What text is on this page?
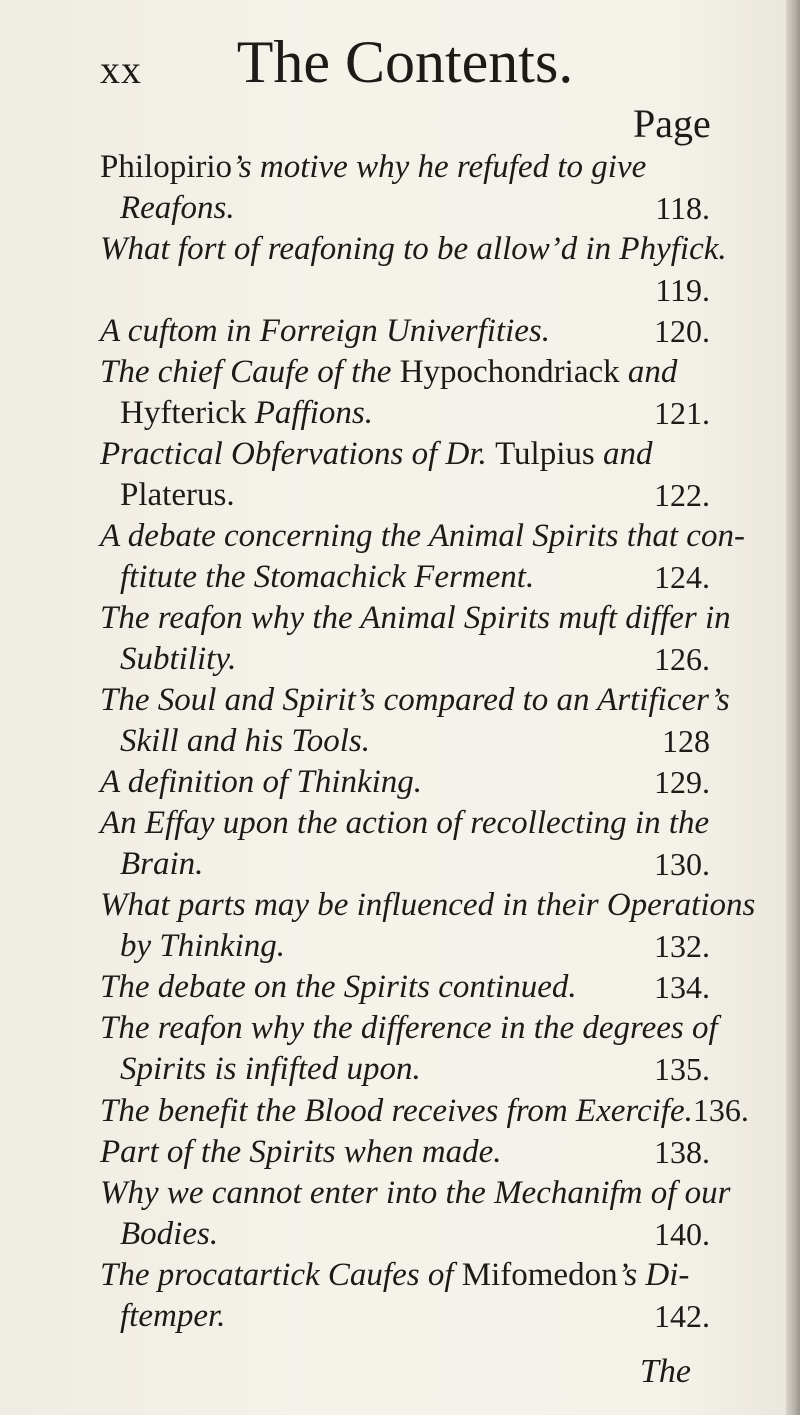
xx	The Contents.
Page
Philopirio’s motive why he refufed to give
Reafons.	118.
What fort of reafoning to be allow’d in Phyfick.
119.
A cuftom in Forreign Univerfities.	120.
The chief Caufe of the Hypochondriack and
Hyfterick Paffions.	121.
Practical Obfervations of Dr. Tulpius and
Platerus.	122.
A debate concerning the Animal Spirits that con-
ftitute the Stomachick Ferment.	124.
The reafon why the Animal Spirits muft differ in
Subtility.	126.
The Soul and Spirit’s compared to an Artificer’s
Skill and his Tools.	128
A definition of Thinking.	129.
An Effay upon the action of recollecting in the
Brain.	130.
What parts may be influenced in their Operations
by Thinking.	132.
The debate on the Spirits continued.	134.
The reafon why the difference in the degrees of
Spirits is infifted upon.	135.
The benefit the Blood receives from Exercife.136.
Part of the Spirits when made.	138.
Why we cannot enter into the Mechanifm of our
Bodies.	140.
The procatartick Caufes of Mifomedon’s Di-
ftemper.	142.
The
